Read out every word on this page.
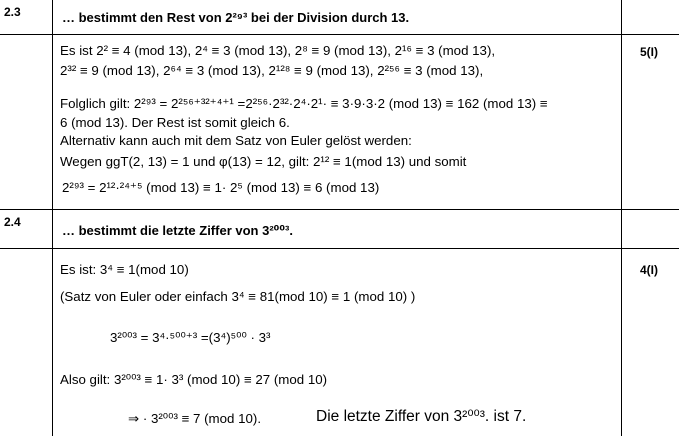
2.3	… bestimmt den Rest von 2²⁹³ bei der Division durch 13.
5(I)
Es ist 2² ≡ 4 (mod 13), 2⁴ ≡ 3 (mod 13), 2⁸ ≡ 9 (mod 13), 2¹⁶ ≡ 3 (mod 13),
2³² ≡ 9 (mod 13), 2⁶⁴ ≡ 3 (mod 13), 2¹²⁸ ≡ 9 (mod 13), 2²⁵⁶ ≡ 3 (mod 13),
Folglich gilt: 2²⁹³ = 2²⁵⁶⁺³²⁺⁴⁺¹ =2²⁵⁶·2³²·2⁴·2¹· ≡ 3·9·3·2 (mod 13) ≡ 162 (mod 13) ≡
6 (mod 13). Der Rest ist somit gleich 6.
Alternativ kann auch mit dem Satz von Euler gelöst werden:
Wegen ggT(2, 13) = 1 und φ(13) = 12, gilt: 2¹² ≡ 1(mod 13) und somit
2²⁹³ = 2¹²·²⁴⁺⁵ (mod 13) ≡ 1· 2⁵ (mod 13) ≡ 6 (mod 13)
2.4
… bestimmt die letzte Ziffer von 3²⁰⁰³.
4(I)
Es ist: 3⁴ ≡ 1(mod 10)
(Satz von Euler oder einfach 3⁴ ≡ 81(mod 10) ≡ 1 (mod 10) )
3²⁰⁰³ = 3⁴·⁵⁰⁰⁺³ =(3⁴)⁵⁰⁰ · 3³
Also gilt: 3²⁰⁰³ ≡ 1· 3³ (mod 10) ≡ 27 (mod 10)
⇒ · 3²⁰⁰³ ≡ 7 (mod 10).	Die letzte Ziffer von 3²⁰⁰³. ist 7.
